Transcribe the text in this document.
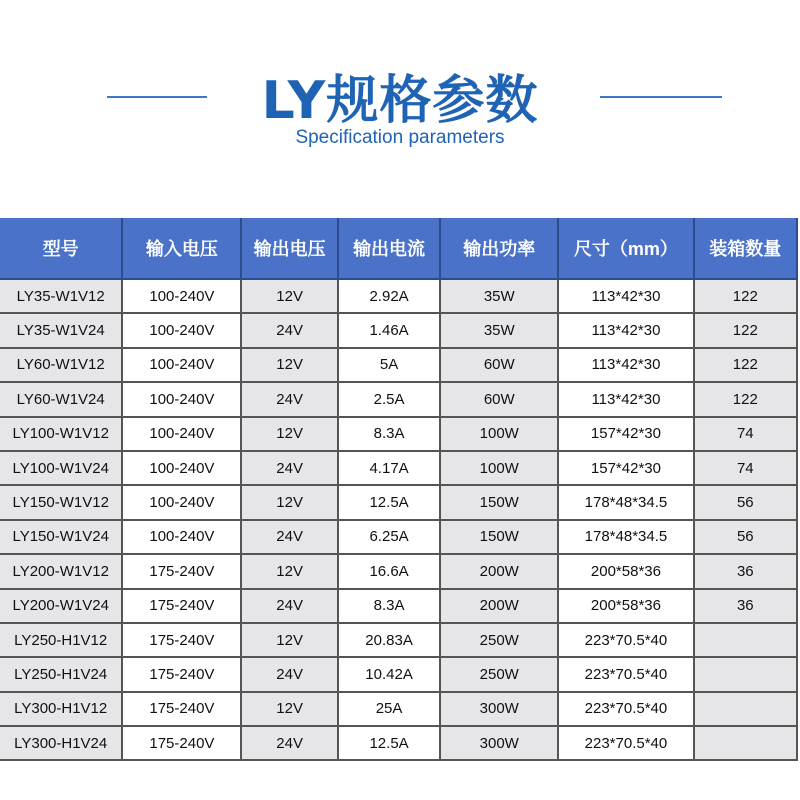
LY规格参数
Specification parameters
型号	输入电压	输出电压	输出电流	输出功率	尺寸（mm）	装箱数量
LY35-W1V12	100-240V	12V	2.92A	35W	113*42*30	122
LY35-W1V24	100-240V	24V	1.46A	35W	113*42*30	122
LY60-W1V12	100-240V	12V	5A	60W	113*42*30	122
LY60-W1V24	100-240V	24V	2.5A	60W	113*42*30	122
LY100-W1V12	100-240V	12V	8.3A	100W	157*42*30	74
LY100-W1V24	100-240V	24V	4.17A	100W	157*42*30	74
LY150-W1V12	100-240V	12V	12.5A	150W	178*48*34.5	56
LY150-W1V24	100-240V	24V	6.25A	150W	178*48*34.5	56
LY200-W1V12	175-240V	12V	16.6A	200W	200*58*36	36
LY200-W1V24	175-240V	24V	8.3A	200W	200*58*36	36
LY250-H1V12	175-240V	12V	20.83A	250W	223*70.5*40	
LY250-H1V24	175-240V	24V	10.42A	250W	223*70.5*40	
LY300-H1V12	175-240V	12V	25A	300W	223*70.5*40	
LY300-H1V24	175-240V	24V	12.5A	300W	223*70.5*40	
